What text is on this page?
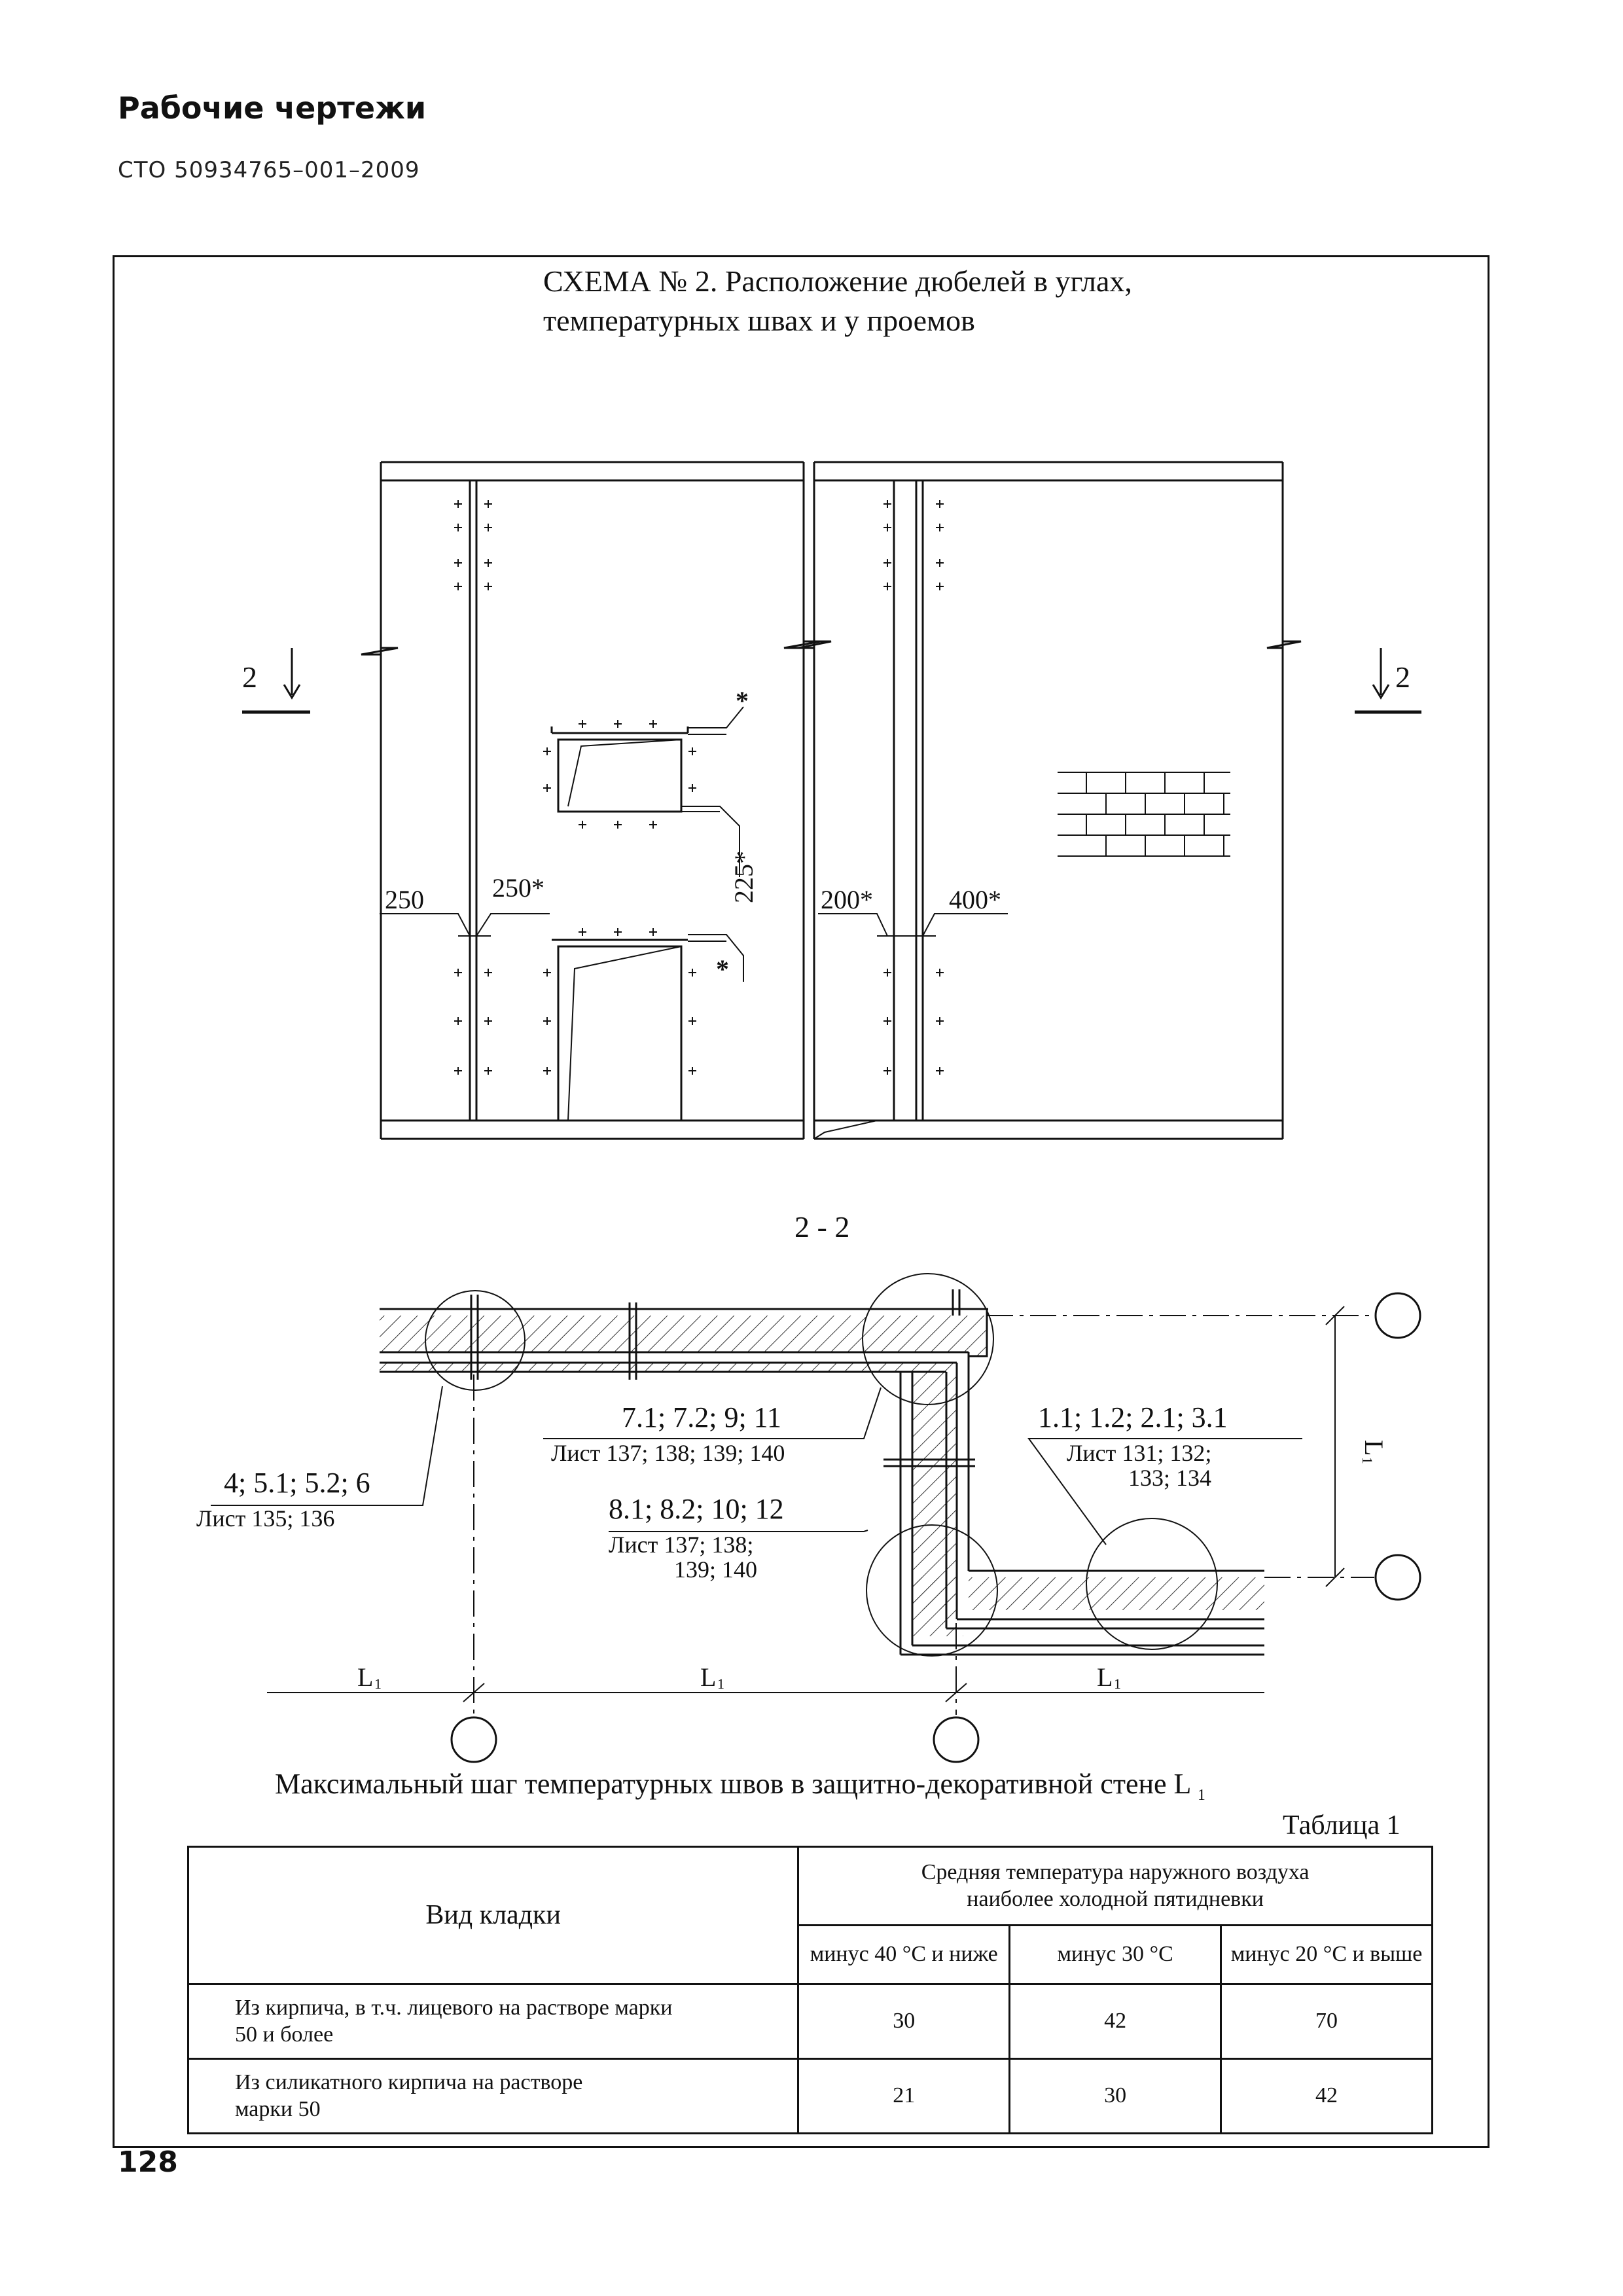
Рабочие чертежи
СТО 50934765–001–2009
СХЕМА № 2. Расположение дюбелей в углах,
температурных швах и у проемов
2	2
*
*
250	250*	225* 200*	400*
2 - 2
4; 5.1; 5.2; 6
Лист 135; 136
7.1; 7.2; 9; 11
Лист 137; 138; 139; 140
8.1; 8.2; 10; 12
Лист 137; 138;
139; 140
1.1; 1.2; 2.1; 3.1
Лист 131; 132;
133; 134
L 1	L 1	L 1
L
1
Максимальный шаг температурных швов в защитно-декоративной стене L $_1$
Таблица 1
Вид кладки	Средняя температура наружного воздуха наиболее холодной пятидневки		
	минус 40 °С и ниже	минус 30 °С	минус 20 °С и выше
Из кирпича, в т.ч. лицевого на растворе марки 50 и более	30	42	70
Из силикатного кирпича на растворе марки 50	21	30	42
128
